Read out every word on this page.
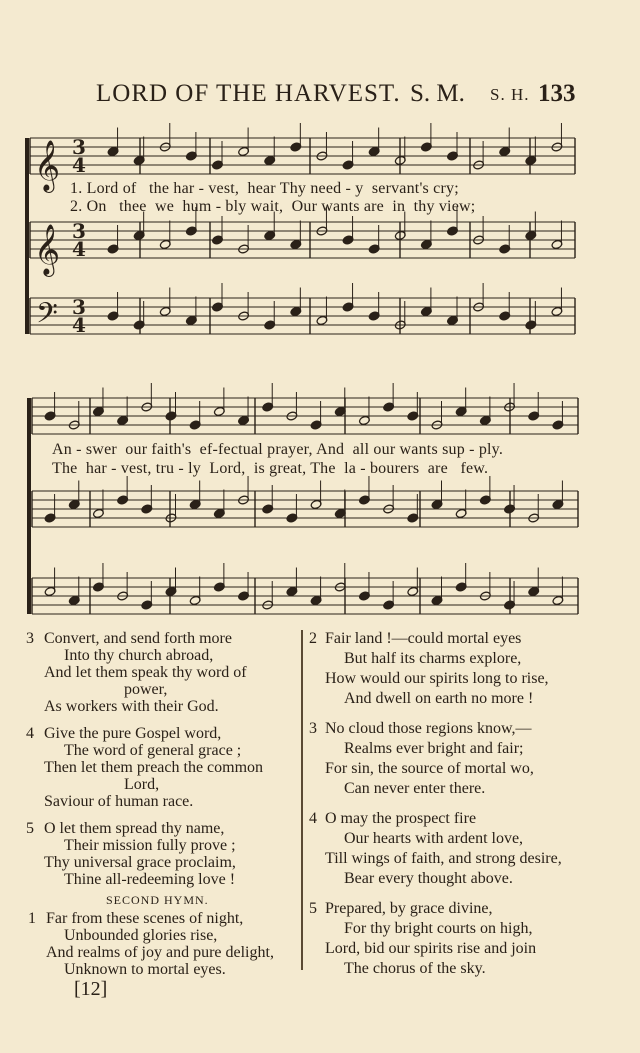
LORD OF THE HARVEST. S. M. S. H. 133
𝄞
𝄞
𝄢
3
4
3
4
3
4
1. Lord of   the har - vest,  hear Thy need - y  servant's cry;
2. On   thee  we  hum - bly wait,  Our wants are  in  thy view;
An - swer  our faith's  ef-fectual prayer, And  all our wants sup - ply.
The  har - vest, tru - ly  Lord,  is great, The  la - bourers  are   few.
3 Convert, and send forth more
Into thy church abroad,
And let them speak thy word of
power,
As workers with their God.
4 Give the pure Gospel word,
The word of general grace ;
Then let them preach the common
Lord,
Saviour of human race.
5 O let them spread thy name,
Their mission fully prove ;
Thy universal grace proclaim,
Thine all-redeeming love !
1 Far from these scenes of night,
Unbounded glories rise,
And realms of joy and pure delight,
Unknown to mortal eyes.
2 Fair land !—could mortal eyes
But half its charms explore,
How would our spirits long to rise,
And dwell on earth no more !
3 No cloud those regions know,—
Realms ever bright and fair;
For sin, the source of mortal wo,
Can never enter there.
4 O may the prospect fire
Our hearts with ardent love,
Till wings of faith, and strong desire,
Bear every thought above.
5 Prepared, by grace divine,
For thy bright courts on high,
Lord, bid our spirits rise and join
The chorus of the sky.
SECOND HYMN.
[12]
